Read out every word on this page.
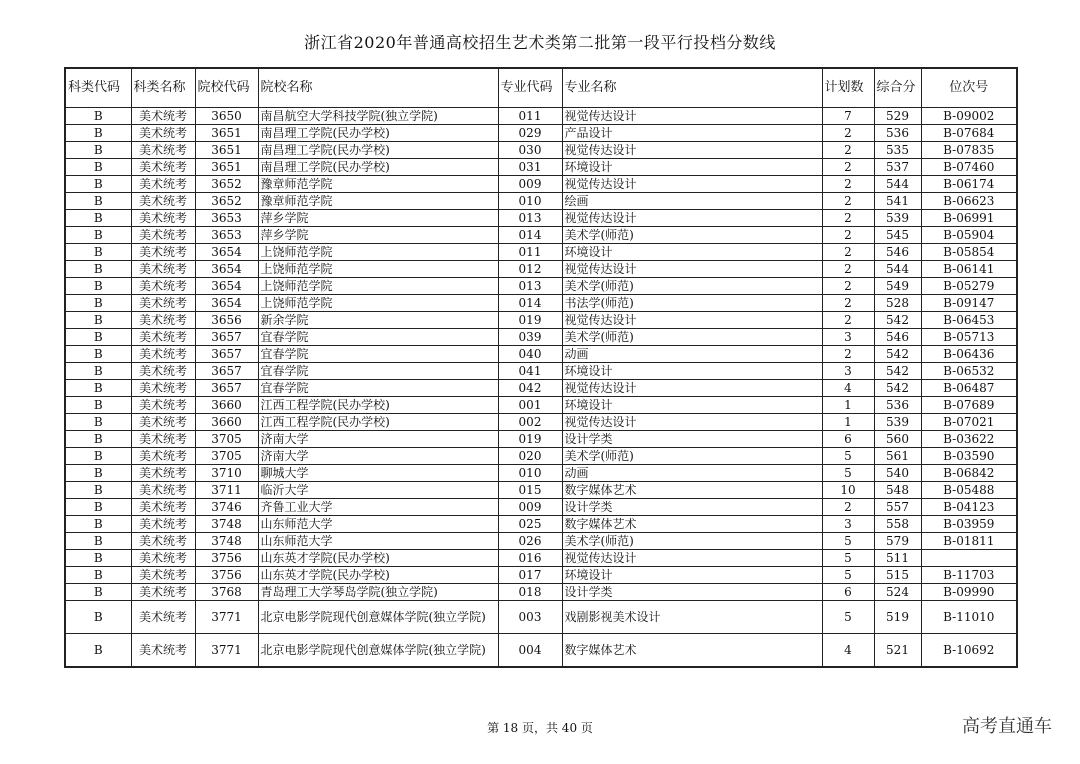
浙江省2020年普通高校招生艺术类第二批第一段平行投档分数线
科类代码	科类名称	院校代码	院校名称	专业代码	专业名称	计划数	综合分	位次号
B	美术统考	3650	南昌航空大学科技学院(独立学院)	011	视觉传达设计	7	529	B-09002
B	美术统考	3651	南昌理工学院(民办学校)	029	产品设计	2	536	B-07684
B	美术统考	3651	南昌理工学院(民办学校)	030	视觉传达设计	2	535	B-07835
B	美术统考	3651	南昌理工学院(民办学校)	031	环境设计	2	537	B-07460
B	美术统考	3652	豫章师范学院	009	视觉传达设计	2	544	B-06174
B	美术统考	3652	豫章师范学院	010	绘画	2	541	B-06623
B	美术统考	3653	萍乡学院	013	视觉传达设计	2	539	B-06991
B	美术统考	3653	萍乡学院	014	美术学(师范)	2	545	B-05904
B	美术统考	3654	上饶师范学院	011	环境设计	2	546	B-05854
B	美术统考	3654	上饶师范学院	012	视觉传达设计	2	544	B-06141
B	美术统考	3654	上饶师范学院	013	美术学(师范)	2	549	B-05279
B	美术统考	3654	上饶师范学院	014	书法学(师范)	2	528	B-09147
B	美术统考	3656	新余学院	019	视觉传达设计	2	542	B-06453
B	美术统考	3657	宜春学院	039	美术学(师范)	3	546	B-05713
B	美术统考	3657	宜春学院	040	动画	2	542	B-06436
B	美术统考	3657	宜春学院	041	环境设计	3	542	B-06532
B	美术统考	3657	宜春学院	042	视觉传达设计	4	542	B-06487
B	美术统考	3660	江西工程学院(民办学校)	001	环境设计	1	536	B-07689
B	美术统考	3660	江西工程学院(民办学校)	002	视觉传达设计	1	539	B-07021
B	美术统考	3705	济南大学	019	设计学类	6	560	B-03622
B	美术统考	3705	济南大学	020	美术学(师范)	5	561	B-03590
B	美术统考	3710	聊城大学	010	动画	5	540	B-06842
B	美术统考	3711	临沂大学	015	数字媒体艺术	10	548	B-05488
B	美术统考	3746	齐鲁工业大学	009	设计学类	2	557	B-04123
B	美术统考	3748	山东师范大学	025	数字媒体艺术	3	558	B-03959
B	美术统考	3748	山东师范大学	026	美术学(师范)	5	579	B-01811
B	美术统考	3756	山东英才学院(民办学校)	016	视觉传达设计	5	511	
B	美术统考	3756	山东英才学院(民办学校)	017	环境设计	5	515	B-11703
B	美术统考	3768	青岛理工大学琴岛学院(独立学院)	018	设计学类	6	524	B-09990
B	美术统考	3771	北京电影学院现代创意媒体学院(独立学院)	003	戏剧影视美术设计	5	519	B-11010
B	美术统考	3771	北京电影学院现代创意媒体学院(独立学院)	004	数字媒体艺术	4	521	B-10692
第 18 页，共 40 页	高考直通车
